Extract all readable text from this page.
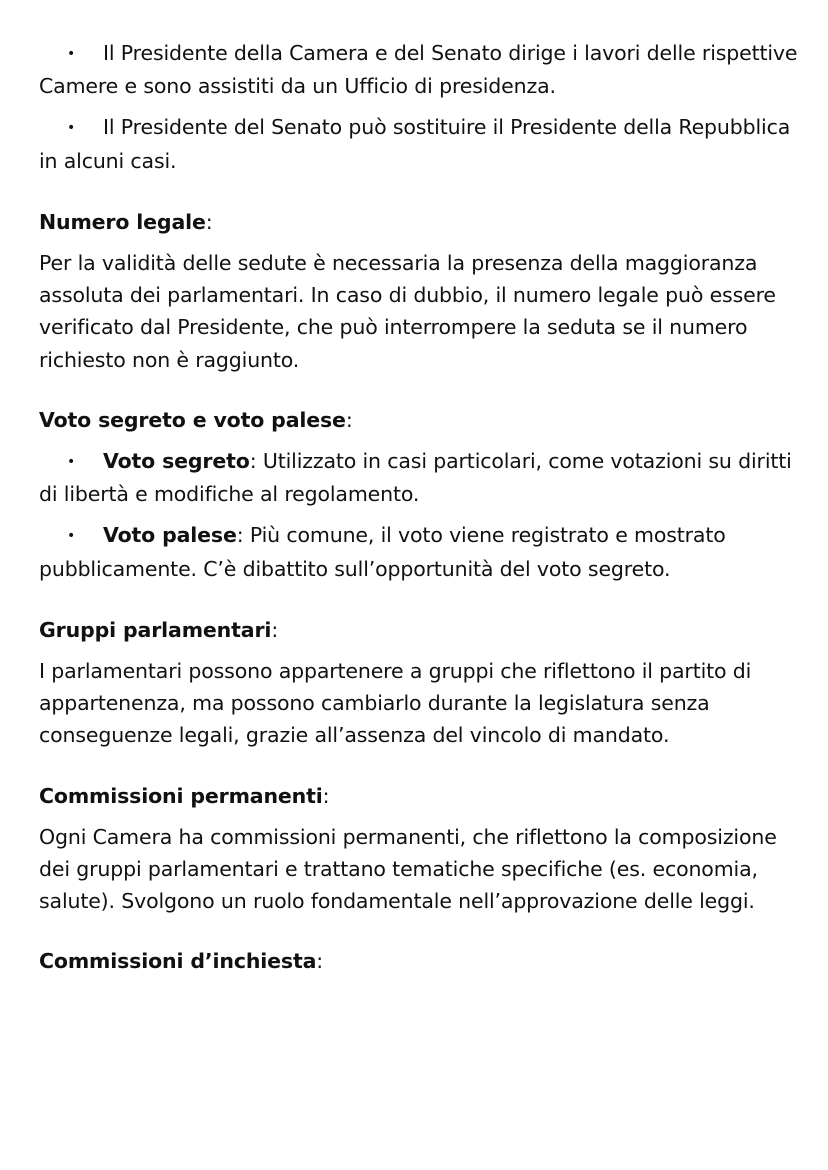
• Il Presidente della Camera e del Senato dirige i lavori delle rispettive Camere e sono assistiti da un Ufficio di presidenza.

• Il Presidente del Senato può sostituire il Presidente della Repubblica in alcuni casi.

Numero legale:

Per la validità delle sedute è necessaria la presenza della maggioranza assoluta dei parlamentari. In caso di dubbio, il numero legale può essere verificato dal Presidente, che può interrompere la seduta se il numero richiesto non è raggiunto.

Voto segreto e voto palese:

• Voto segreto: Utilizzato in casi particolari, come votazioni su diritti di libertà e modifiche al regolamento.

• Voto palese: Più comune, il voto viene registrato e mostrato pubblicamente. C’è dibattito sull’opportunità del voto segreto.

Gruppi parlamentari:

I parlamentari possono appartenere a gruppi che riflettono il partito di appartenenza, ma possono cambiarlo durante la legislatura senza conseguenze legali, grazie all’assenza del vincolo di mandato.

Commissioni permanenti:

Ogni Camera ha commissioni permanenti, che riflettono la composizione dei gruppi parlamentari e trattano tematiche specifiche (es. economia, salute). Svolgono un ruolo fondamentale nell’approvazione delle leggi.

Commissioni d’inchiesta:
